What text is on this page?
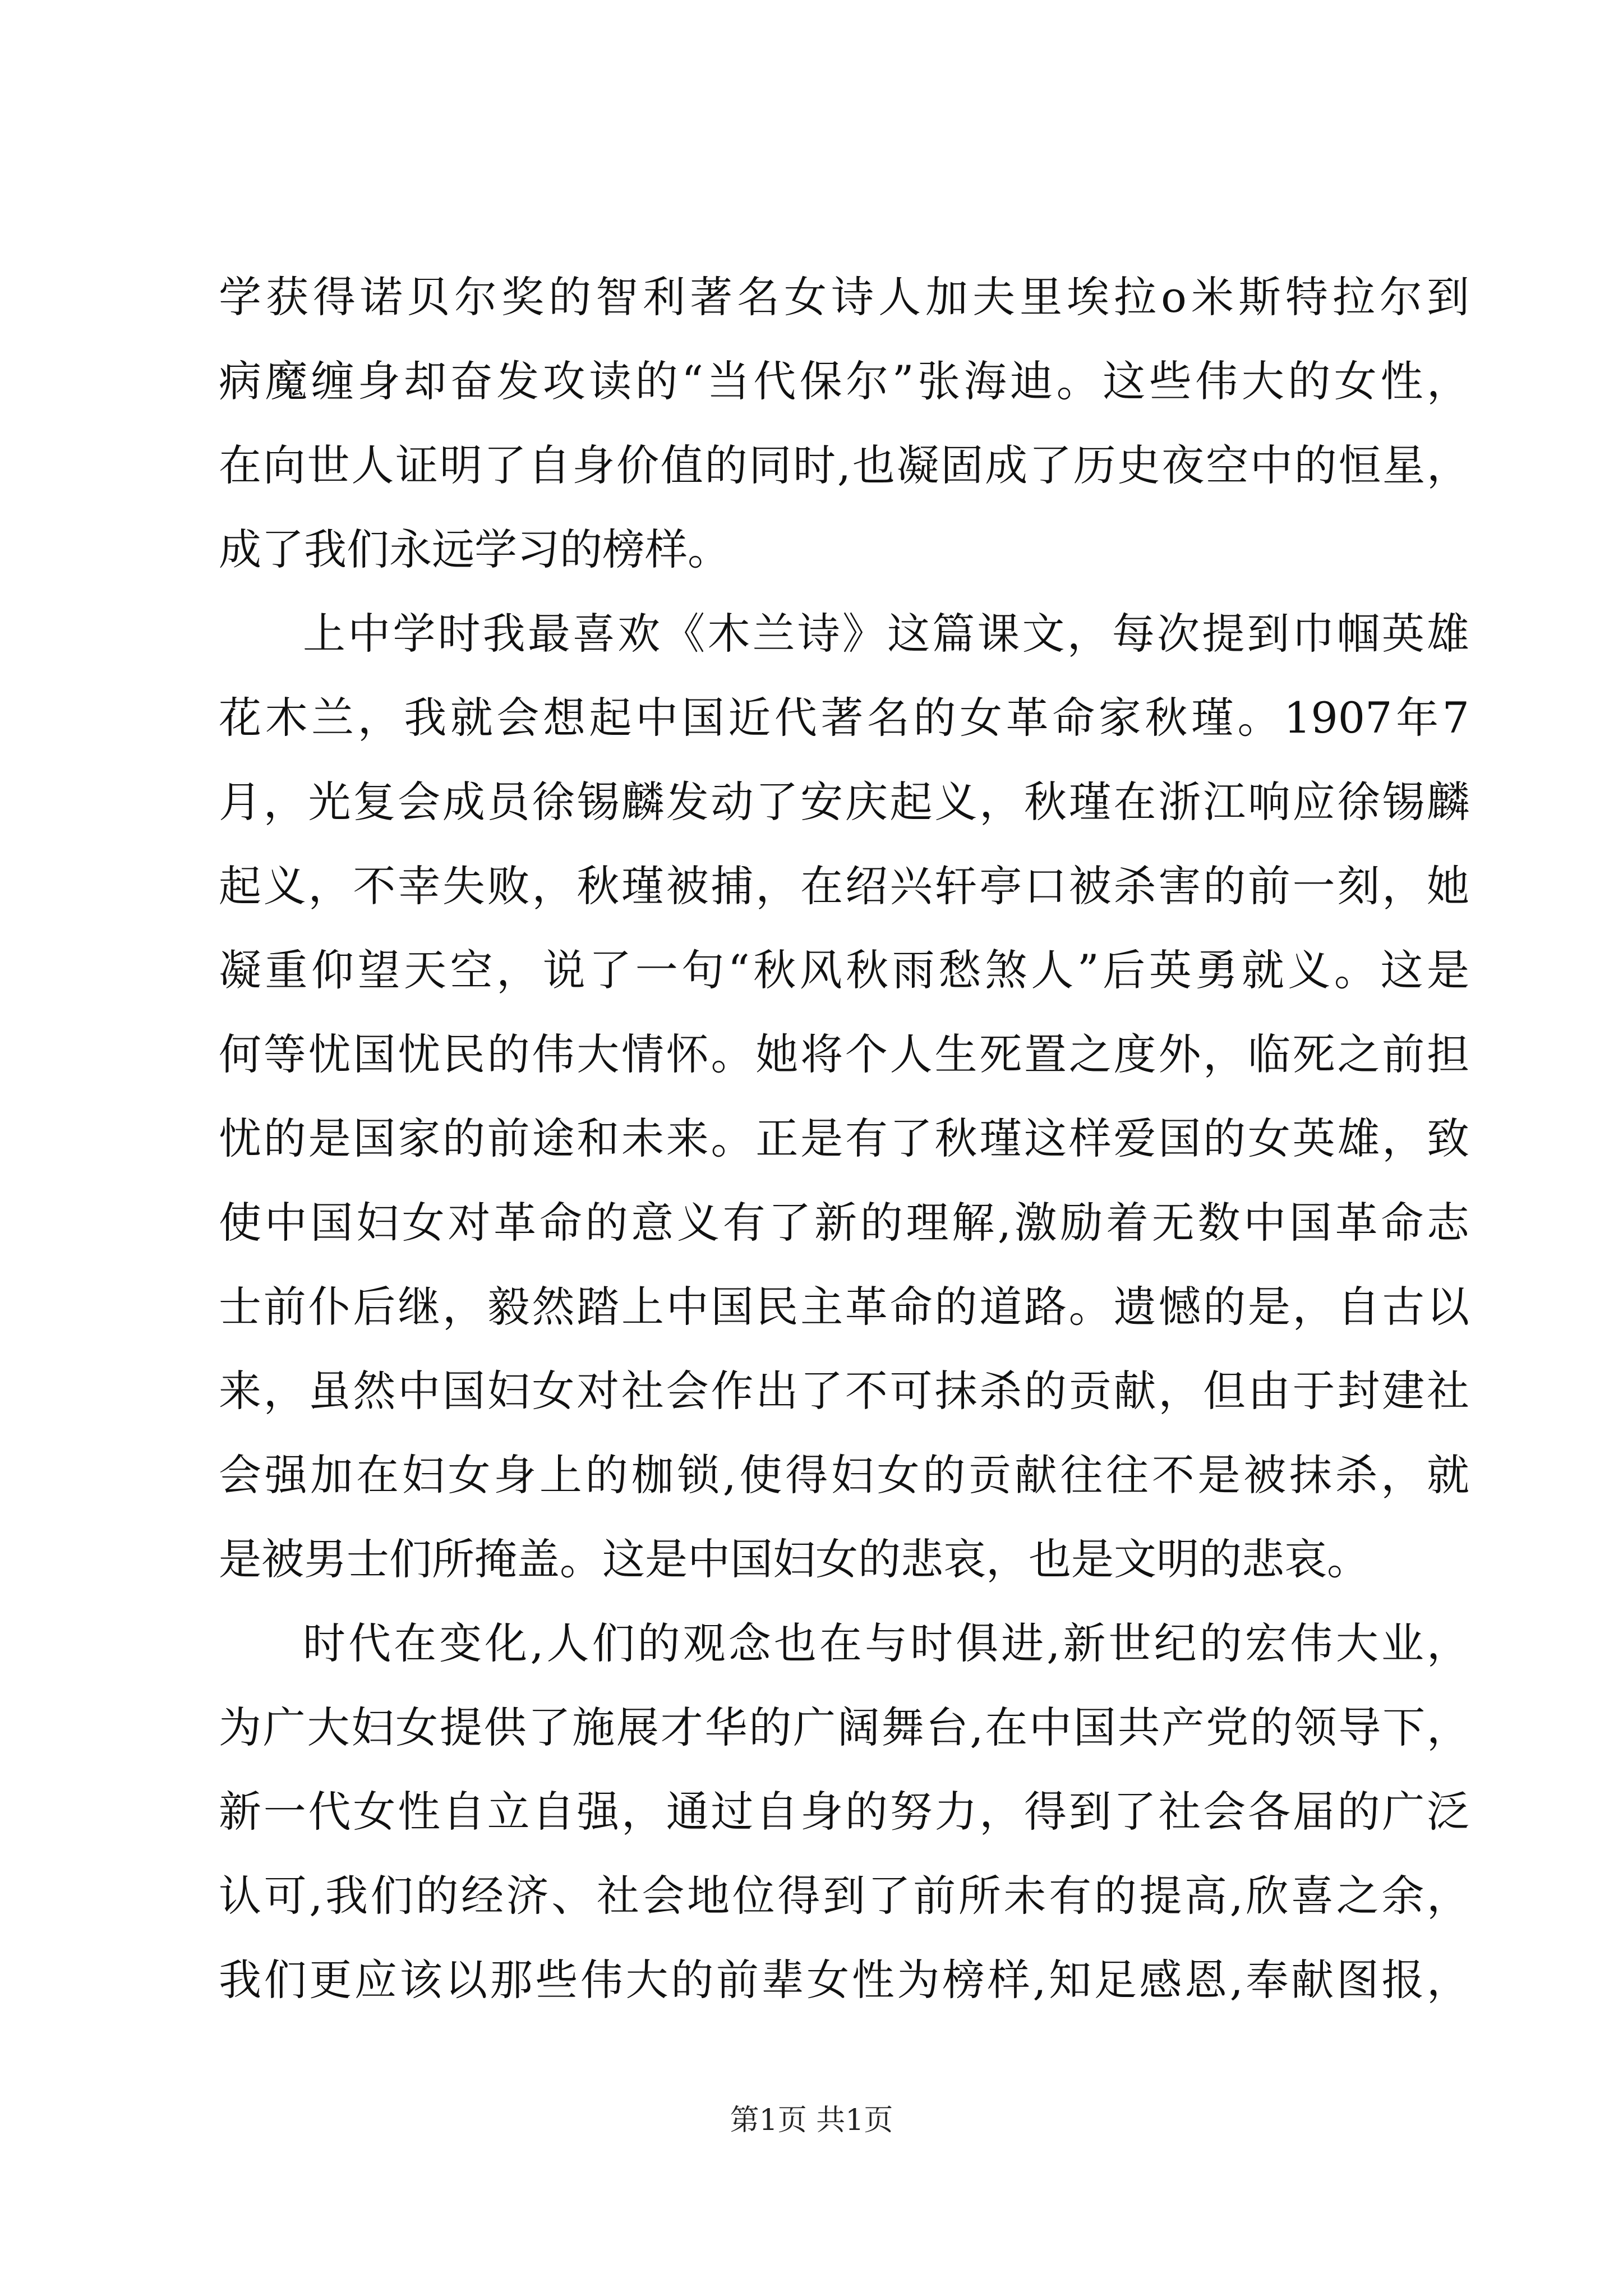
学获得诺贝尔奖的智利著名女诗人加夫里埃拉o米斯特拉尔到
病魔缠身却奋发攻读的“当代保尔”张海迪。这些伟大的女性，
在向世人证明了自身价值的同时,也凝固成了历史夜空中的恒星，
成了我们永远学习的榜样。
上中学时我最喜欢《木兰诗》这篇课文，每次提到巾帼英雄
花木兰，我就会想起中国近代著名的女革命家秋瑾。1907年7
月，光复会成员徐锡麟发动了安庆起义，秋瑾在浙江响应徐锡麟
起义，不幸失败，秋瑾被捕，在绍兴轩亭口被杀害的前一刻，她
凝重仰望天空，说了一句“秋风秋雨愁煞人”后英勇就义。这是
何等忧国忧民的伟大情怀。她将个人生死置之度外，临死之前担
忧的是国家的前途和未来。正是有了秋瑾这样爱国的女英雄，致
使中国妇女对革命的意义有了新的理解,激励着无数中国革命志
士前仆后继，毅然踏上中国民主革命的道路。遗憾的是，自古以
来，虽然中国妇女对社会作出了不可抹杀的贡献，但由于封建社
会强加在妇女身上的枷锁,使得妇女的贡献往往不是被抹杀，就
是被男士们所掩盖。这是中国妇女的悲哀，也是文明的悲哀。
时代在变化,人们的观念也在与时俱进,新世纪的宏伟大业，
为广大妇女提供了施展才华的广阔舞台,在中国共产党的领导下，
新一代女性自立自强，通过自身的努力，得到了社会各届的广泛
认可,我们的经济、社会地位得到了前所未有的提高,欣喜之余，
我们更应该以那些伟大的前辈女性为榜样,知足感恩,奉献图报，
第1页 共1页
